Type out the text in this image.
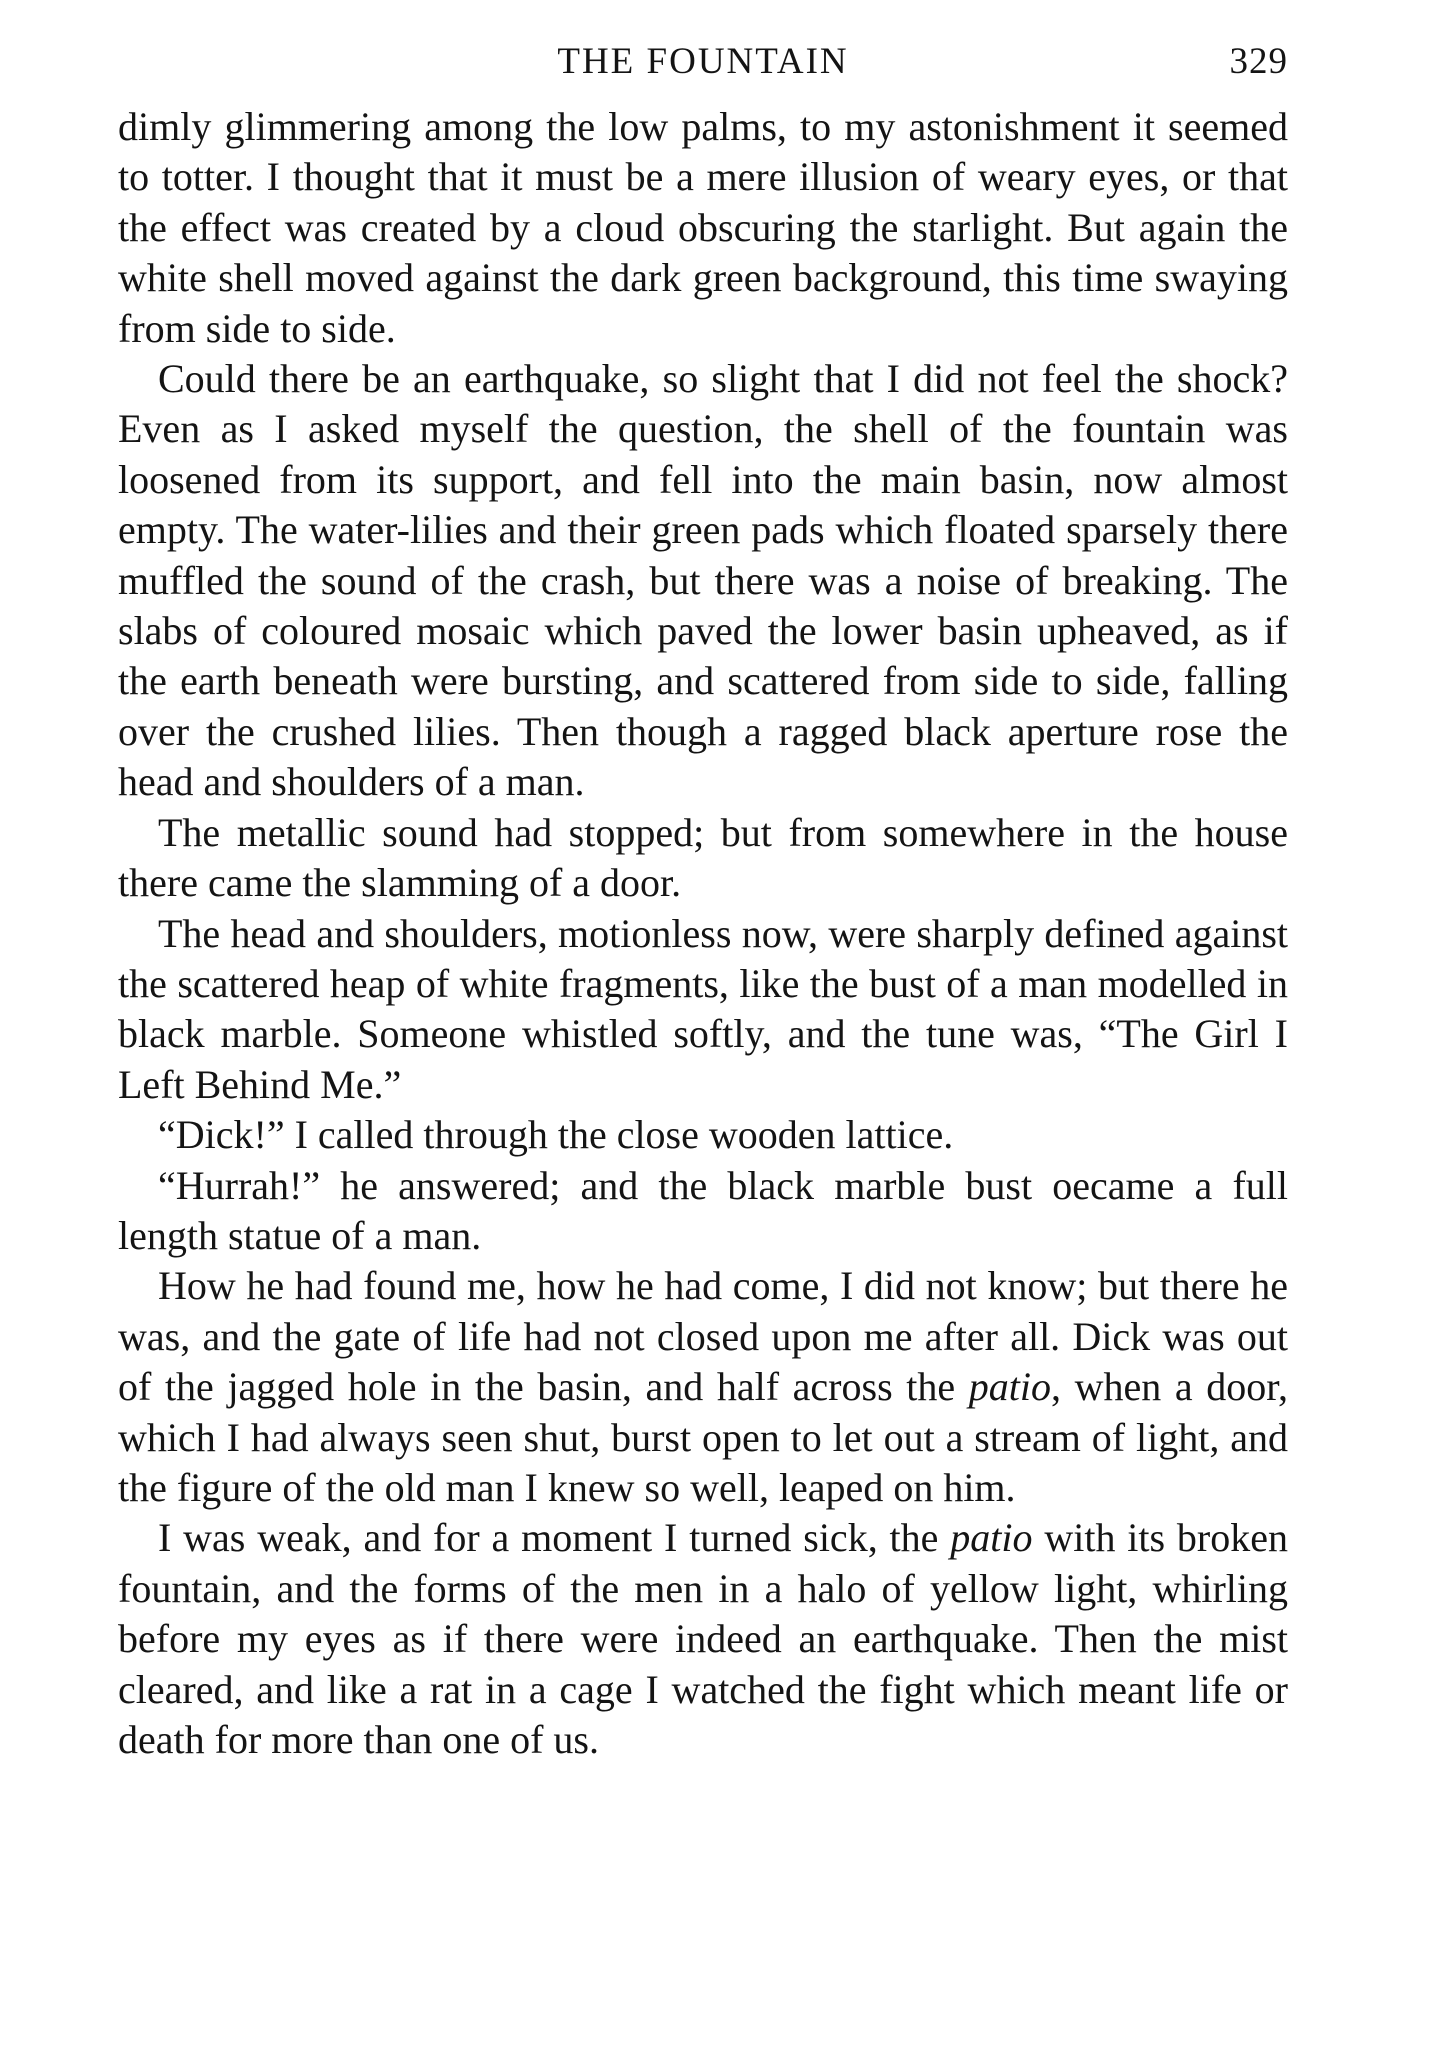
THE FOUNTAIN	329

dimly glimmering among the low palms, to my astonishment it seemed to totter. I thought that it must be a mere illusion of weary eyes, or that the effect was created by a cloud obscuring the starlight. But again the white shell moved against the dark green background, this time swaying from side to side.

Could there be an earthquake, so slight that I did not feel the shock? Even as I asked myself the question, the shell of the fountain was loosened from its support, and fell into the main basin, now almost empty. The water-lilies and their green pads which floated sparsely there muffled the sound of the crash, but there was a noise of breaking. The slabs of coloured mosaic which paved the lower basin upheaved, as if the earth beneath were bursting, and scattered from side to side, falling over the crushed lilies. Then though a ragged black aperture rose the head and shoulders of a man.

The metallic sound had stopped; but from somewhere in the house there came the slamming of a door.

The head and shoulders, motionless now, were sharply defined against the scattered heap of white fragments, like the bust of a man modelled in black marble. Someone whistled softly, and the tune was, “The Girl I Left Behind Me.”

“Dick!” I called through the close wooden lattice.

“Hurrah!” he answered; and the black marble bust oecame a full length statue of a man.

How he had found me, how he had come, I did not know; but there he was, and the gate of life had not closed upon me after all. Dick was out of the jagged hole in the basin, and half across the patio, when a door, which I had always seen shut, burst open to let out a stream of light, and the figure of the old man I knew so well, leaped on him.

I was weak, and for a moment I turned sick, the patio with its broken fountain, and the forms of the men in a halo of yellow light, whirling before my eyes as if there were indeed an earthquake. Then the mist cleared, and like a rat in a cage I watched the fight which meant life or death for more than one of us.
